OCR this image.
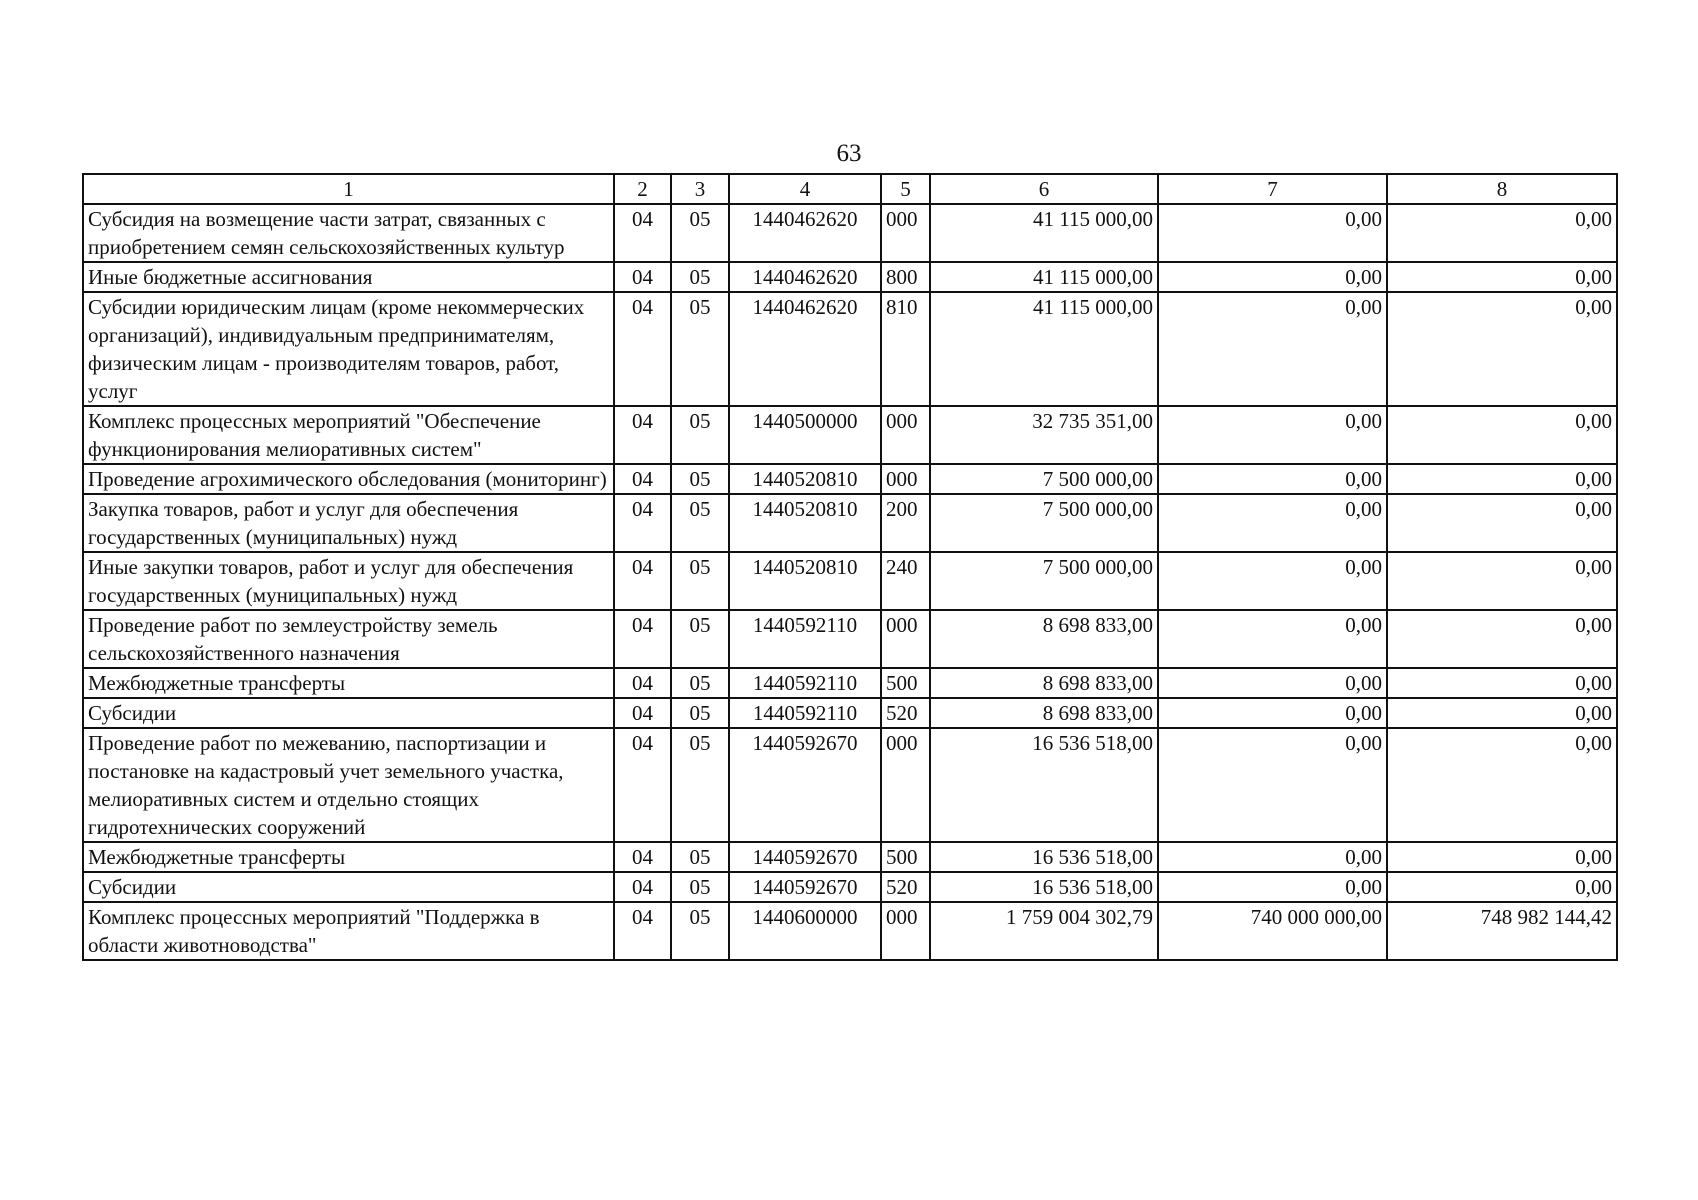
63
1	2	3	4	5	6	7	8
Субсидия на возмещение части затрат, связанных с приобретением семян сельскохозяйственных культур	04	05	1440462620	000	41 115 000,00	0,00	0,00
Иные бюджетные ассигнования	04	05	1440462620	800	41 115 000,00	0,00	0,00
Субсидии юридическим лицам (кроме некоммерческих организаций), индивидуальным предпринимателям, физическим лицам - производителям товаров, работ, услуг	04	05	1440462620	810	41 115 000,00	0,00	0,00
Комплекс процессных мероприятий "Обеспечение функционирования мелиоративных систем"	04	05	1440500000	000	32 735 351,00	0,00	0,00
Проведение агрохимического обследования (мониторинг)	04	05	1440520810	000	7 500 000,00	0,00	0,00
Закупка товаров, работ и услуг для обеспечения государственных (муниципальных) нужд	04	05	1440520810	200	7 500 000,00	0,00	0,00
Иные закупки товаров, работ и услуг для обеспечения государственных (муниципальных) нужд	04	05	1440520810	240	7 500 000,00	0,00	0,00
Проведение работ по землеустройству земель сельскохозяйственного назначения	04	05	1440592110	000	8 698 833,00	0,00	0,00
Межбюджетные трансферты	04	05	1440592110	500	8 698 833,00	0,00	0,00
Субсидии	04	05	1440592110	520	8 698 833,00	0,00	0,00
Проведение работ по межеванию, паспортизации и постановке на кадастровый учет земельного участка, мелиоративных систем и отдельно стоящих гидротехнических сооружений	04	05	1440592670	000	16 536 518,00	0,00	0,00
Межбюджетные трансферты	04	05	1440592670	500	16 536 518,00	0,00	0,00
Субсидии	04	05	1440592670	520	16 536 518,00	0,00	0,00
Комплекс процессных мероприятий "Поддержка в области животноводства"	04	05	1440600000	000	1 759 004 302,79	740 000 000,00	748 982 144,42
